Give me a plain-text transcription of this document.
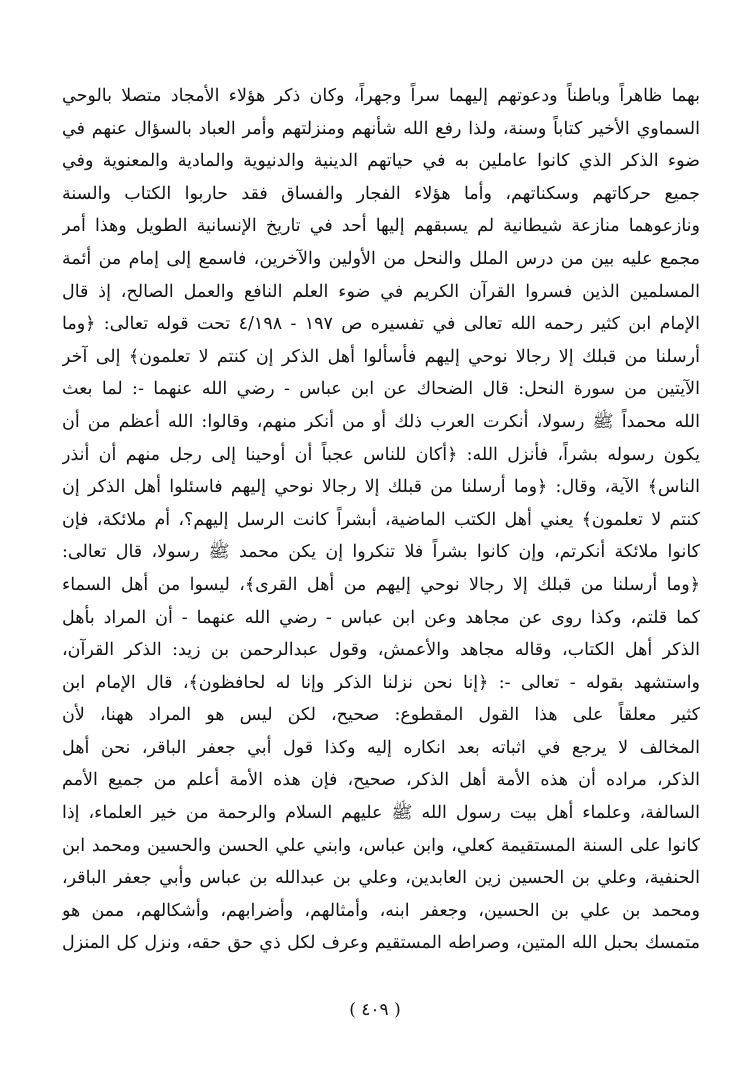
بهما ظاهراً وباطناً ودعوتهم إليهما سراً وجهراً، وكان ذكر هؤلاء الأمجاد متصلا بالوحي
السماوي الأخير كتاباً وسنة، ولذا رفع الله شأنهم ومنزلتهم وأمر العباد بالسؤال عنهم في
ضوء الذكر الذي كانوا عاملين به في حياتهم الدينية والدنيوية والمادية والمعنوية وفي
جميع حركاتهم وسكناتهم، وأما هؤلاء الفجار والفساق فقد حاربوا الكتاب والسنة
ونازعوهما منازعة شيطانية لم يسبقهم إليها أحد في تاريخ الإنسانية الطويل وهذا أمر
مجمع عليه بين من درس الملل والنحل من الأولين والآخرين، فاسمع إلى إمام من أئمة
المسلمين الذين فسروا القرآن الكريم في ضوء العلم النافع والعمل الصالح، إذ قال
الإمام ابن كثير رحمه الله تعالى في تفسيره ص ١٩٧ - ٤/١٩٨ تحت قوله تعالى: ﴿وما
أرسلنا من قبلك إلا رجالا نوحي إليهم فأسألوا أهل الذكر إن كنتم لا تعلمون﴾ إلى آخر
الآيتين من سورة النحل: قال الضحاك عن ابن عباس - رضي الله عنهما -: لما بعث
الله محمداً ﷺ رسولا، أنكرت العرب ذلك أو من أنكر منهم، وقالوا: الله أعظم من أن
يكون رسوله بشراً، فأنزل الله: ﴿أكان للناس عجباً أن أوحينا إلى رجل منهم أن أنذر
الناس﴾ الآية، وقال: ﴿وما أرسلنا من قبلك إلا رجالا نوحي إليهم فاسئلوا أهل الذكر إن
كنتم لا تعلمون﴾ يعني أهل الكتب الماضية، أبشراً كانت الرسل إليهم؟، أم ملائكة، فإن
كانوا ملائكة أنكرتم، وإن كانوا بشراً فلا تنكروا إن يكن محمد ﷺ رسولا، قال تعالى:
﴿وما أرسلنا من قبلك إلا رجالا نوحي إليهم من أهل القرى﴾، ليسوا من أهل السماء
كما قلتم، وكذا روى عن مجاهد وعن ابن عباس - رضي الله عنهما - أن المراد بأهل
الذكر أهل الكتاب، وقاله مجاهد والأعمش، وقول عبدالرحمن بن زيد: الذكر القرآن،
واستشهد بقوله - تعالى -: ﴿إنا نحن نزلنا الذكر وإنا له لحافظون﴾، قال الإمام ابن
كثير معلقاً على هذا القول المقطوع: صحيح، لكن ليس هو المراد ههنا، لأن
المخالف لا يرجع في اثباته بعد انكاره إليه وكذا قول أبي جعفر الباقر، نحن أهل
الذكر، مراده أن هذه الأمة أهل الذكر، صحيح، فإن هذه الأمة أعلم من جميع الأمم
السالفة، وعلماء أهل بيت رسول الله ﷺ عليهم السلام والرحمة من خير العلماء، إذا
كانوا على السنة المستقيمة كعلي، وابن عباس، وابني علي الحسن والحسين ومحمد ابن
الحنفية، وعلي بن الحسين زين العابدين، وعلي بن عبدالله بن عباس وأبي جعفر الباقر،
ومحمد بن علي بن الحسين، وجعفر ابنه، وأمثالهم، وأضرابهم، وأشكالهم، ممن هو
متمسك بحبل الله المتين، وصراطه المستقيم وعرف لكل ذي حق حقه، ونزل كل المنزل
( ٤٠٩ )
